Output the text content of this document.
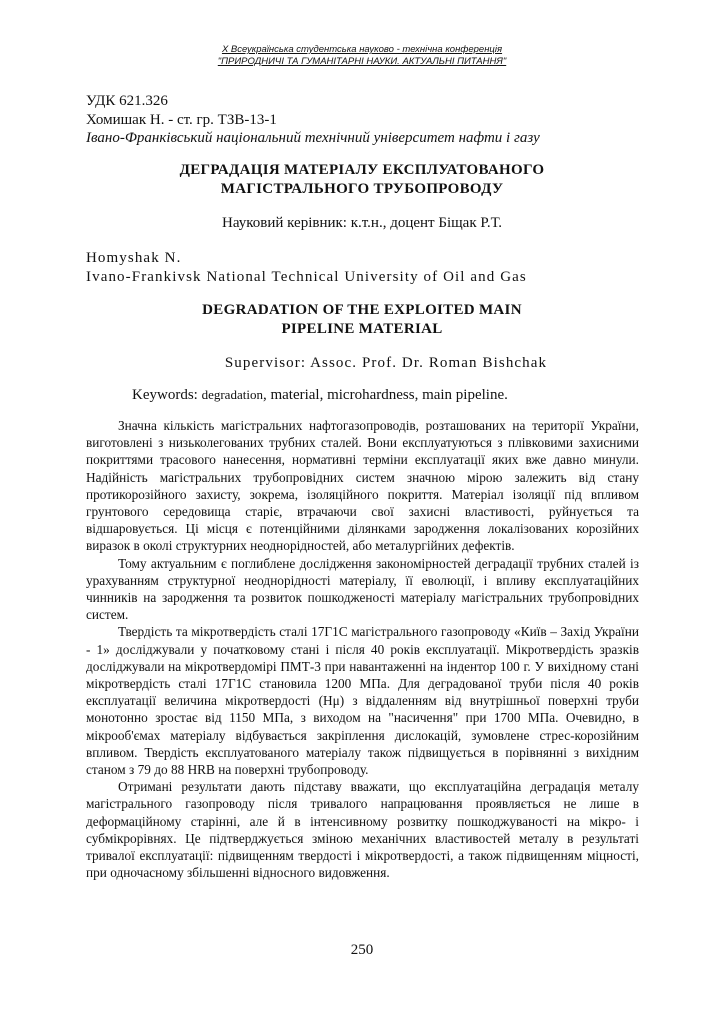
X Всеукраїнська студентська науково - технічна конференція
"ПРИРОДНИЧІ ТА ГУМАНІТАРНІ НАУКИ. АКТУАЛЬНІ ПИТАННЯ"
УДК 621.326
Хомишак Н. - ст. гр. ТЗВ-13-1
Івано-Франківський національний технічний університет нафти і газу
ДЕГРАДАЦІЯ МАТЕРІАЛУ ЕКСПЛУАТОВАНОГО
МАГІСТРАЛЬНОГО ТРУБОПРОВОДУ
Науковий керівник: к.т.н., доцент Біщак Р.Т.
Homyshak N.
Ivano-Frankivsk National Technical University of Oil and Gas
DEGRADATION OF THE EXPLOITED MAIN
PIPELINE MATERIAL
Supervisor: Assoc. Prof. Dr. Roman Bishchak
Keywords: degradation, material, microhardness, main pipeline.

Значна кількість магістральних нафтогазопроводів, розташованих на території України, виготовлені з низьколегованих трубних сталей. Вони експлуатуються з плівковими захисними покриттями трасового нанесення, нормативні терміни експлуатації яких вже давно минули. Надійність магістральних трубопровідних систем значною мірою залежить від стану протикорозійного захисту, зокрема, ізоляційного покриття. Матеріал ізоляції під впливом грунтового середовища старіє, втрачаючи свої захисні властивості, руйнується та відшаровується. Ці місця є потенційними ділянками зародження локалізованих корозійних виразок в околі структурних неоднорідностей, або металургійних дефектів.

Тому актуальним є поглиблене дослідження закономірностей деградації трубних сталей із урахуванням структурної неоднорідності матеріалу, її еволюції, і впливу експлуатаційних чинників на зародження та розвиток пошкодженості матеріалу магістральних трубопровідних систем.

Твердість та мікротвердість сталі 17Г1С магістрального газопроводу «Київ – Захід України - 1» досліджували у початковому стані і після 40 років експлуатації. Мікротвердість зразків досліджували на мікротвердомірі ПМТ-3 при навантаженні на індентор 100 г. У вихідному стані мікротвердість сталі 17Г1С становила 1200 МПа. Для деградованої труби після 40 років експлуатації величина мікротвердості (Hμ) з віддаленням від внутрішньої поверхні труби монотонно зростає від 1150 МПа, з виходом на "насичення" при 1700 МПа. Очевидно, в мікрооб'ємах матеріалу відбувається закріплення дислокацій, зумовлене стрес-корозійним впливом. Твердість експлуатованого матеріалу також підвищується в порівнянні з вихідним станом з 79 до 88 HRB на поверхні трубопроводу.

Отримані результати дають підставу вважати, що експлуатаційна деградація металу магістрального газопроводу після тривалого напрацювання проявляється не лише в деформаційному старінні, але й в інтенсивному розвитку пошкоджуваності на мікро- і субмікрорівнях. Це підтверджується зміною механічних властивостей металу в результаті тривалої експлуатації: підвищенням твердості і мікротвердості, а також підвищенням міцності, при одночасному збільшенні відносного видовження.

250
